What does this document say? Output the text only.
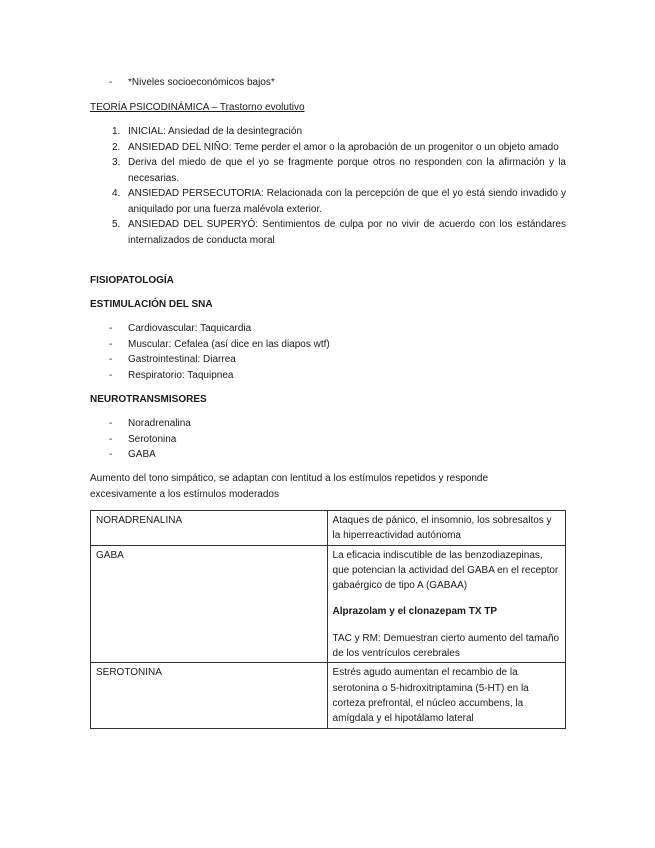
- *Niveles socioeconómicos bajos*

TEORÍA PSICODINÁMICA – Trastorno evolutivo

1. INICIAL: Ansiedad de la desintegración
2. ANSIEDAD DEL NIÑO: Teme perder el amor o la aprobación de un progenitor o un objeto amado
3. Deriva del miedo de que el yo se fragmente porque otros no responden con la afirmación y la necesarias.
4. ANSIEDAD PERSECUTORIA: Relacionada con la percepción de que el yo está siendo invadido y aniquilado por una fuerza malévola exterior.
5. ANSIEDAD DEL SUPERYÓ: Sentimientos de culpa por no vivir de acuerdo con los estándares internalizados de conducta moral
FISIOPATOLOGÍA
ESTIMULACIÓN DEL SNA
- Cardiovascular: Taquicardia
- Muscular: Cefalea (así dice en las diapos wtf)
- Gastrointestinal: Diarrea
- Respiratorio: Taquipnea
NEUROTRANSMISORES
- Noradrenalina
- Serotonina
- GABA

Aumento del tono simpático, se adaptan con lentitud a los estímulos repetidos y responde excesivamente a los estímulos moderados

NORADRENALINA	Ataques de pánico, el insomnio, los sobresaltos y la hiperreactividad autónoma
GABA	La eficacia indiscutible de las benzodiazepinas, que potencian la actividad del GABA en el receptor gabaérgico de tipo A (GABAA)
Alprazolam y el clonazepam TX TP
TAC y RM: Demuestran cierto aumento del tamaño de los ventrículos cerebrales

SEROTONINA	Estrés agudo aumentan el recambio de la serotonina o 5-hidroxitriptamina (5-HT) en la corteza prefrontal, el núcleo accumbens, la amígdala y el hipotálamo lateral
